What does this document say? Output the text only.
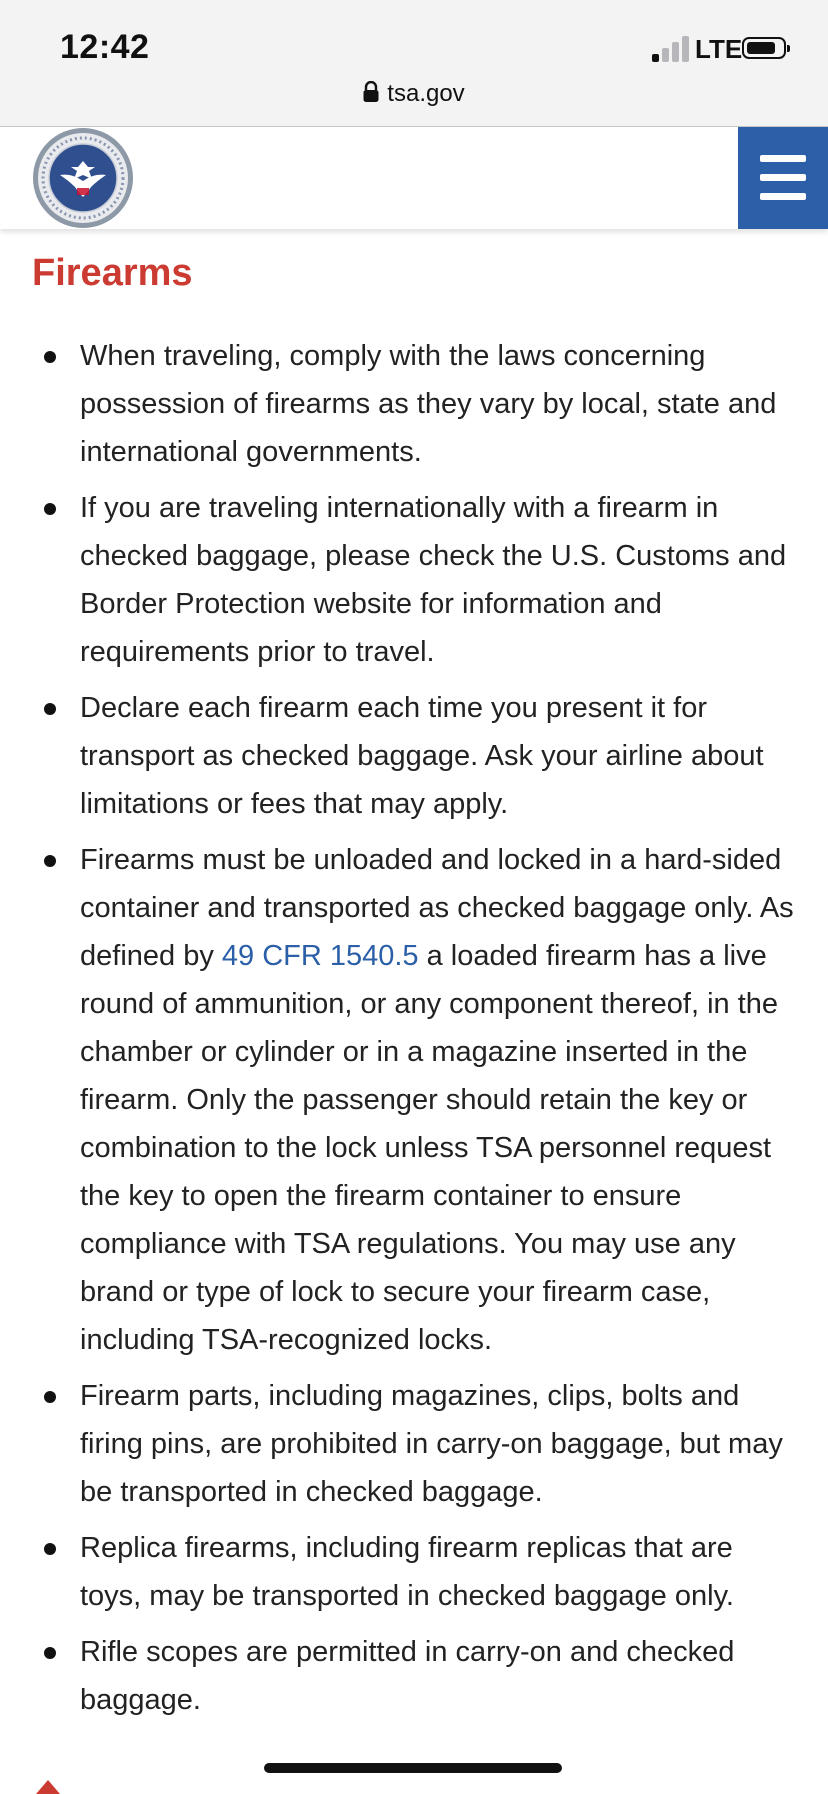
12:42	LTE
tsa.gov
Firearms
When traveling, comply with the laws concerning possession of firearms as they vary by local, state and international governments.
If you are traveling internationally with a firearm in checked baggage, please check the U.S. Customs and Border Protection website for information and requirements prior to travel.
Declare each firearm each time you present it for transport as checked baggage. Ask your airline about limitations or fees that may apply.
Firearms must be unloaded and locked in a hard-sided container and transported as checked baggage only. As defined by 49 CFR 1540.5 a loaded firearm has a live round of ammunition, or any component thereof, in the chamber or cylinder or in a magazine inserted in the firearm. Only the passenger should retain the key or combination to the lock unless TSA personnel request the key to open the firearm container to ensure compliance with TSA regulations. You may use any brand or type of lock to secure your firearm case, including TSA-recognized locks.
Firearm parts, including magazines, clips, bolts and firing pins, are prohibited in carry-on baggage, but may be transported in checked baggage.
Replica firearms, including firearm replicas that are toys, may be transported in checked baggage only.
Rifle scopes are permitted in carry-on and checked baggage.
